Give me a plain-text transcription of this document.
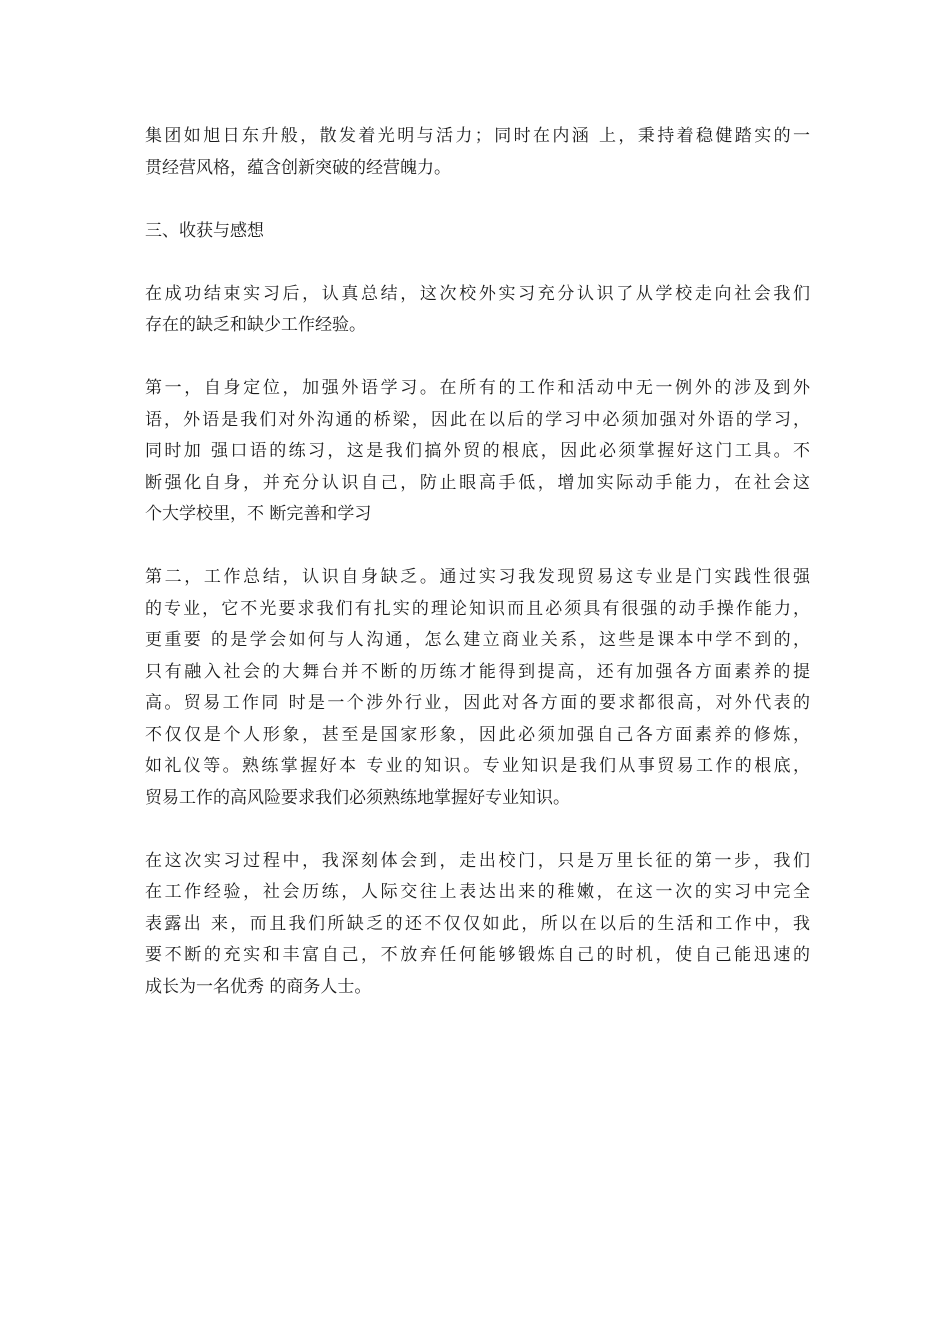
集团如旭日东升般，散发着光明与活力；同时在内涵 上，秉持着稳健踏实的一
贯经营风格，蕴含创新突破的经营魄力。
三、收获与感想
在成功结束实习后，认真总结，这次校外实习充分认识了从学校走向社会我们
存在的缺乏和缺少工作经验。
第一，自身定位，加强外语学习。在所有的工作和活动中无一例外的涉及到外
语，外语是我们对外沟通的桥梁，因此在以后的学习中必须加强对外语的学习，
同时加 强口语的练习，这是我们搞外贸的根底，因此必须掌握好这门工具。不
断强化自身，并充分认识自己，防止眼高手低，增加实际动手能力，在社会这
个大学校里，不 断完善和学习
第二，工作总结，认识自身缺乏。通过实习我发现贸易这专业是门实践性很强
的专业，它不光要求我们有扎实的理论知识而且必须具有很强的动手操作能力，
更重要 的是学会如何与人沟通，怎么建立商业关系，这些是课本中学不到的，
只有融入社会的大舞台并不断的历练才能得到提高，还有加强各方面素养的提
高。贸易工作同 时是一个涉外行业，因此对各方面的要求都很高，对外代表的
不仅仅是个人形象，甚至是国家形象，因此必须加强自己各方面素养的修炼，
如礼仪等。熟练掌握好本 专业的知识。专业知识是我们从事贸易工作的根底，
贸易工作的高风险要求我们必须熟练地掌握好专业知识。
在这次实习过程中，我深刻体会到，走出校门，只是万里长征的第一步，我们
在工作经验，社会历练，人际交往上表达出来的稚嫩，在这一次的实习中完全
表露出 来，而且我们所缺乏的还不仅仅如此，所以在以后的生活和工作中，我
要不断的充实和丰富自己，不放弃任何能够锻炼自己的时机，使自己能迅速的
成长为一名优秀 的商务人士。
